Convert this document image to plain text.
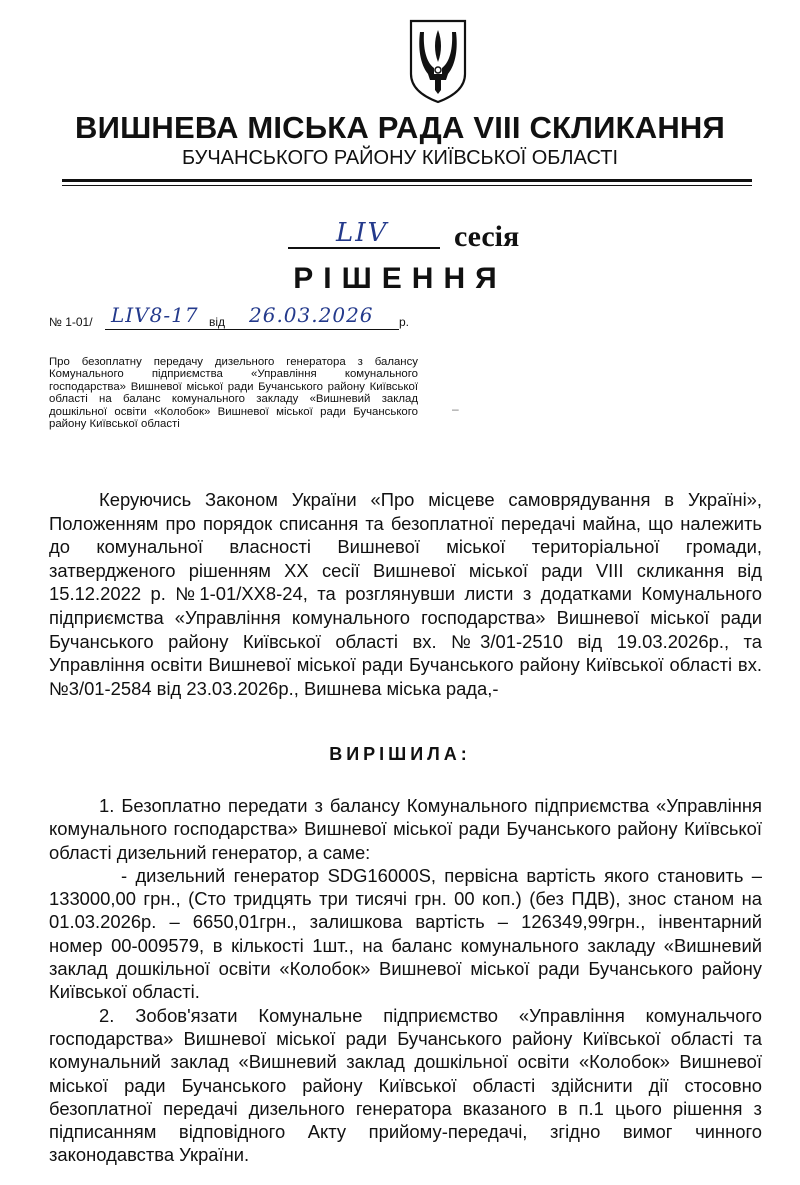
ВИШНЕВА МІСЬКА РАДА VIII СКЛИКАННЯ
БУЧАНСЬКОГО РАЙОНУ КИЇВСЬКОЇ ОБЛАСТІ
LIV сесія
РІШЕННЯ
№ 1-01/ LIV8-17 від 26.03.2026 р.
Про безоплатну передачу дизельного генератора з балансу Комунального підприємства «Управління комунального господарства» Вишневої міської ради Бучанського району Київської області на баланс комунального закладу «Вишневий заклад дошкільної освіти «Колобок» Вишневої міської ради Бучанського району Київської області
–
Керуючись Законом України «Про місцеве самоврядування в Україні», Положенням про порядок списання та безоплатної передачі майна, що належить до комунальної власності Вишневої міської територіальної громади, затвердженого рішенням XX сесії Вишневої міської ради VIII скликання від 15.12.2022 р. №1-01/XX8-24, та розглянувши листи з додатками Комунального підприємства «Управління комунального господарства» Вишневої міської ради Бучанського району Київської області вх. №3/01-2510 від 19.03.2026р., та Управління освіти Вишневої міської ради Бучанського району Київської області вх. №3/01-2584 від 23.03.2026р., Вишнева міська рада,-
ВИРІШИЛА:

1. Безоплатно передати з балансу Комунального підприємства «Управління комунального господарства» Вишневої міської ради Бучанського району Київської області дизельний генератор, а саме:

- дизельний генератор SDG16000S, первісна вартість якого становить – 133000,00 грн., (Сто тридцять три тисячі грн. 00 коп.) (без ПДВ), знос станом на 01.03.2026р. – 6650,01грн., залишкова вартість – 126349,99грн., інвентарний номер 00-009579, в кількості 1шт., на баланс комунального закладу «Вишневий заклад дошкільної освіти «Колобок» Вишневої міської ради Бучанського району Київської області.

2. Зобов'язати Комунальне підприємство «Управління комунальчого господарства» Вишневої міської ради Бучанського району Київської області та комунальний заклад «Вишневий заклад дошкільної освіти «Колобок» Вишневої міської ради Бучанського району Київської області здійснити дії стосовно безоплатної передачі дизельного генератора вказаного в п.1 цього рішення з підписанням відповідного Акту прийому-передачі, згідно вимог чинного законодавства України.
